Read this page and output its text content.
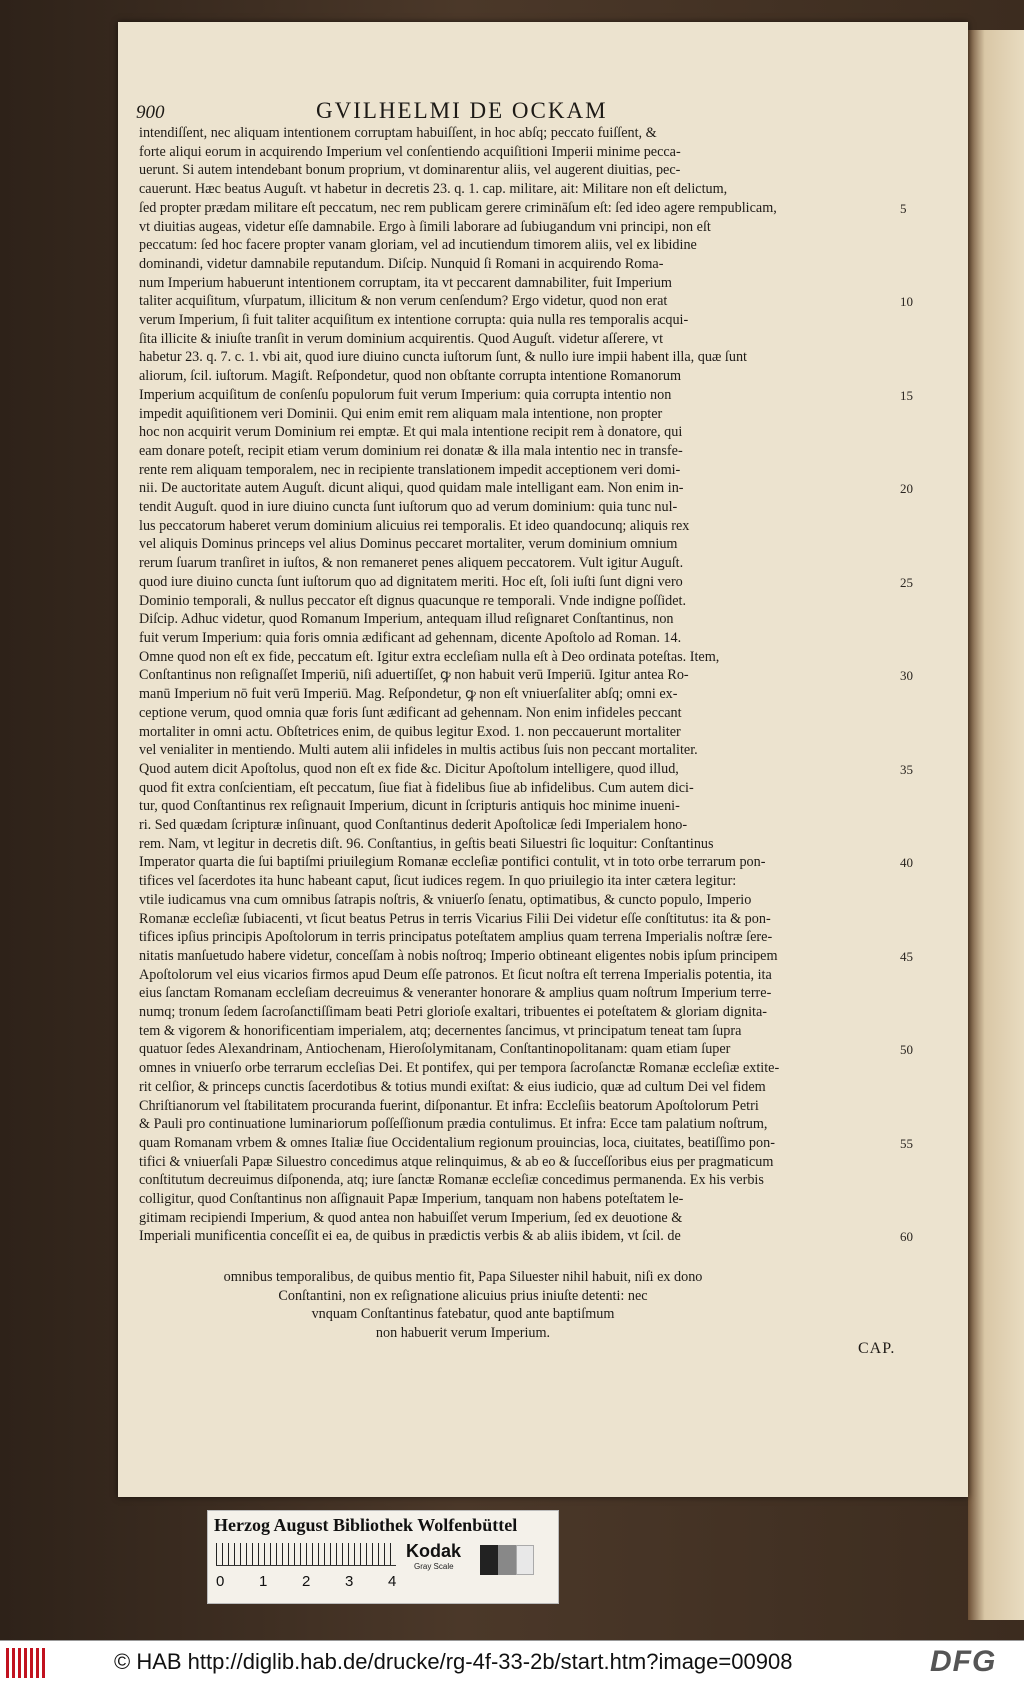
900	GVILHELMI DE OCKAM
intendiſſent, nec aliquam intentionem corruptam habuiſſent, in hoc abſq; peccato fuiſſent, &
forte aliqui eorum in acquirendo Imperium vel conſentiendo acquiſitioni Imperii minime pecca-
uerunt. Si autem intendebant bonum proprium, vt dominarentur aliis, vel augerent diuitias, pec-
cauerunt. Hæc beatus Auguſt. vt habetur in decretis 23. q. 1. cap. militare, ait: Militare non eſt delictum,
ſed propter prædam militare eſt peccatum, nec rem publicam gerere crimināſum eſt: ſed ideo agere rempublicam,
vt diuitias augeas, videtur eſſe damnabile. Ergo à ſimili laborare ad ſubiugandum vni principi, non eſt
peccatum: ſed hoc facere propter vanam gloriam, vel ad incutiendum timorem aliis, vel ex libidine
dominandi, videtur damnabile reputandum. Diſcip. Nunquid ſi Romani in acquirendo Roma-
num Imperium habuerunt intentionem corruptam, ita vt peccarent damnabiliter, fuit Imperium
taliter acquiſitum, vſurpatum, illicitum & non verum cenſendum? Ergo videtur, quod non erat
verum Imperium, ſi fuit taliter acquiſitum ex intentione corrupta: quia nulla res temporalis acqui-
ſita illicite & iniuſte tranſit in verum dominium acquirentis. Quod Auguſt. videtur aſſerere, vt
habetur 23. q. 7. c. 1. vbi ait, quod iure diuino cuncta iuſtorum ſunt, & nullo iure impii habent illa, quæ ſunt
aliorum, ſcil. iuſtorum. Magiſt. Reſpondetur, quod non obſtante corrupta intentione Romanorum
Imperium acquiſitum de conſenſu populorum fuit verum Imperium: quia corrupta intentio non
impedit aquiſitionem veri Dominii. Qui enim emit rem aliquam mala intentione, non propter
hoc non acquirit verum Dominium rei emptæ. Et qui mala intentione recipit rem à donatore, qui
eam donare poteſt, recipit etiam verum dominium rei donatæ & illa mala intentio nec in transfe-
rente rem aliquam temporalem, nec in recipiente translationem impedit acceptionem veri domi-
nii. De auctoritate autem Auguſt. dicunt aliqui, quod quidam male intelligant eam. Non enim in-
tendit Auguſt. quod in iure diuino cuncta ſunt iuſtorum quo ad verum dominium: quia tunc nul-
lus peccatorum haberet verum dominium alicuius rei temporalis. Et ideo quandocunq; aliquis rex
vel aliquis Dominus princeps vel alius Dominus peccaret mortaliter, verum dominium omnium
rerum ſuarum tranſiret in iuſtos, & non remaneret penes aliquem peccatorem. Vult igitur Auguſt.
quod iure diuino cuncta ſunt iuſtorum quo ad dignitatem meriti. Hoc eſt, ſoli iuſti ſunt digni vero
Dominio temporali, & nullus peccator eſt dignus quacunque re temporali. Vnde indigne poſſidet.
Diſcip. Adhuc videtur, quod Romanum Imperium, antequam illud reſignaret Conſtantinus, non
fuit verum Imperium: quia foris omnia ædificant ad gehennam, dicente Apoſtolo ad Roman. 14.
Omne quod non eſt ex fide, peccatum eſt. Igitur extra eccleſiam nulla eſt à Deo ordinata poteſtas. Item,
Conſtantinus non reſignaſſet Imperiū, niſi aduertiſſet, ꝙ non habuit verū Imperiū. Igitur antea Ro-
manū Imperium nō fuit verū Imperiū. Mag. Reſpondetur, ꝙ non eſt vniuerſaliter abſq; omni ex-
ceptione verum, quod omnia quæ foris ſunt ædificant ad gehennam. Non enim infideles peccant
mortaliter in omni actu. Obſtetrices enim, de quibus legitur Exod. 1. non peccauerunt mortaliter
vel venialiter in mentiendo. Multi autem alii infideles in multis actibus ſuis non peccant mortaliter.
Quod autem dicit Apoſtolus, quod non eſt ex fide &c. Dicitur Apoſtolum intelligere, quod illud,
quod fit extra conſcientiam, eſt peccatum, ſiue fiat à fidelibus ſiue ab infidelibus. Cum autem dici-
tur, quod Conſtantinus rex reſignauit Imperium, dicunt in ſcripturis antiquis hoc minime inueni-
ri. Sed quædam ſcripturæ inſinuant, quod Conſtantinus dederit Apoſtolicæ ſedi Imperialem hono-
rem. Nam, vt legitur in decretis diſt. 96. Conſtantius, in geſtis beati Siluestri ſic loquitur: Conſtantinus
Imperator quarta die ſui baptiſmi priuilegium Romanæ eccleſiæ pontifici contulit, vt in toto orbe terrarum pon-
tifices vel ſacerdotes ita hunc habeant caput, ſicut iudices regem. In quo priuilegio ita inter cætera legitur:
vtile iudicamus vna cum omnibus ſatrapis noſtris, & vniuerſo ſenatu, optimatibus, & cuncto populo, Imperio
Romanæ eccleſiæ ſubiacenti, vt ſicut beatus Petrus in terris Vicarius Filii Dei videtur eſſe conſtitutus: ita & pon-
tifices ipſius principis Apoſtolorum in terris principatus poteſtatem amplius quam terrena Imperialis noſtræ ſere-
nitatis manſuetudo habere videtur, conceſſam à nobis noſtroq; Imperio obtineant eligentes nobis ipſum principem
Apoſtolorum vel eius vicarios firmos apud Deum eſſe patronos. Et ſicut noſtra eſt terrena Imperialis potentia, ita
eius ſanctam Romanam eccleſiam decreuimus & veneranter honorare & amplius quam noſtrum Imperium terre-
numq; tronum ſedem ſacroſanctiſſimam beati Petri glorioſe exaltari, tribuentes ei poteſtatem & gloriam dignita-
tem & vigorem & honorificentiam imperialem, atq; decernentes ſancimus, vt principatum teneat tam ſupra
quatuor ſedes Alexandrinam, Antiochenam, Hieroſolymitanam, Conſtantinopolitanam: quam etiam ſuper
omnes in vniuerſo orbe terrarum eccleſias Dei. Et pontifex, qui per tempora ſacroſanctæ Romanæ eccleſiæ extite-
rit celſior, & princeps cunctis ſacerdotibus & totius mundi exiſtat: & eius iudicio, quæ ad cultum Dei vel fidem
Chriſtianorum vel ſtabilitatem procuranda fuerint, diſponantur. Et infra: Eccleſiis beatorum Apoſtolorum Petri
& Pauli pro continuatione luminariorum poſſeſſionum prædia contulimus. Et infra: Ecce tam palatium noſtrum,
quam Romanam vrbem & omnes Italiæ ſiue Occidentalium regionum prouincias, loca, ciuitates, beatiſſimo pon-
tifici & vniuerſali Papæ Siluestro concedimus atque relinquimus, & ab eo & ſucceſſoribus eius per pragmaticum
conſtitutum decreuimus diſponenda, atq; iure ſanctæ Romanæ eccleſiæ concedimus permanenda. Ex his verbis
colligitur, quod Conſtantinus non aſſignauit Papæ Imperium, tanquam non habens poteſtatem le-
gitimam recipiendi Imperium, & quod antea non habuiſſet verum Imperium, ſed ex deuotione &
Imperiali munificentia conceſſit ei ea, de quibus in prædictis verbis & ab aliis ibidem, vt ſcil. de
omnibus temporalibus, de quibus mentio fit, Papa Siluester nihil habuit, niſi ex dono
Conſtantini, non ex reſignatione alicuius prius iniuſte detenti: nec
vnquam Conſtantinus fatebatur, quod ante baptiſmum
non habuerit verum Imperium.
5
10
15
20
25
30
35
40
45
50
55
60
CAP.
Herzog August Bibliothek Wolfenbüttel
0 1 2 3 4
Kodak
Gray Scale
© HAB http://diglib.hab.de/drucke/rg-4f-33-2b/start.htm?image=00908	DFG
